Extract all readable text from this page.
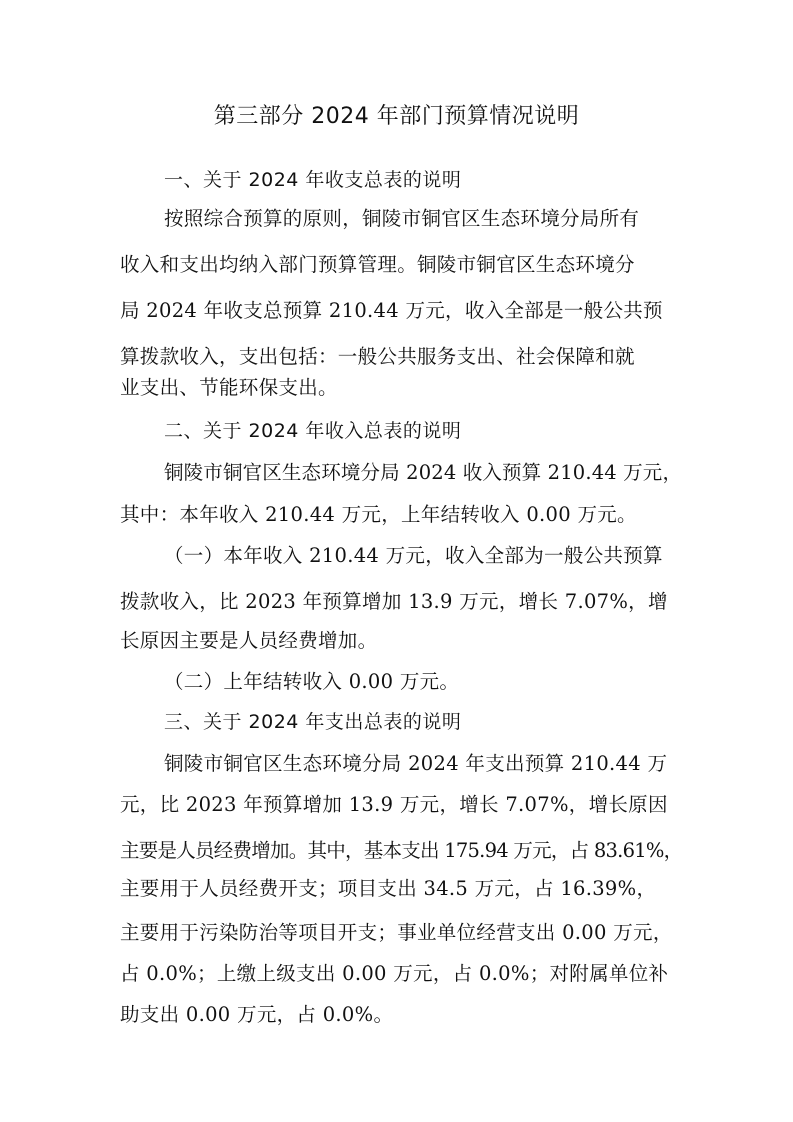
第三部分 2024 年部门预算情况说明
一、关于 2024 年收支总表的说明
按照综合预算的原则，铜陵市铜官区生态环境分局所有
收入和支出均纳入部门预算管理。铜陵市铜官区生态环境分
局 2024 年收支总预算 210.44 万元，收入全部是一般公共预
算拨款收入，支出包括：一般公共服务支出、社会保障和就
业支出、节能环保支出。
二、关于 2024 年收入总表的说明
铜陵市铜官区生态环境分局 2024 收入预算 210.44 万元，
其中：本年收入 210.44 万元，上年结转收入 0.00 万元。
（一）本年收入 210.44 万元，收入全部为一般公共预算
拨款收入，比 2023 年预算增加 13.9 万元，增长 7.07%，增
长原因主要是人员经费增加。
（二）上年结转收入 0.00 万元。
三、关于 2024 年支出总表的说明
铜陵市铜官区生态环境分局 2024 年支出预算 210.44 万
元，比 2023 年预算增加 13.9 万元，增长 7.07%，增长原因
主要是人员经费增加。其中，基本支出 175.94 万元，占 83.61%，
主要用于人员经费开支；项目支出 34.5 万元，占 16.39%，
主要用于污染防治等项目开支；事业单位经营支出 0.00 万元，
占 0.0%；上缴上级支出 0.00 万元，占 0.0%；对附属单位补
助支出 0.00 万元，占 0.0%。
